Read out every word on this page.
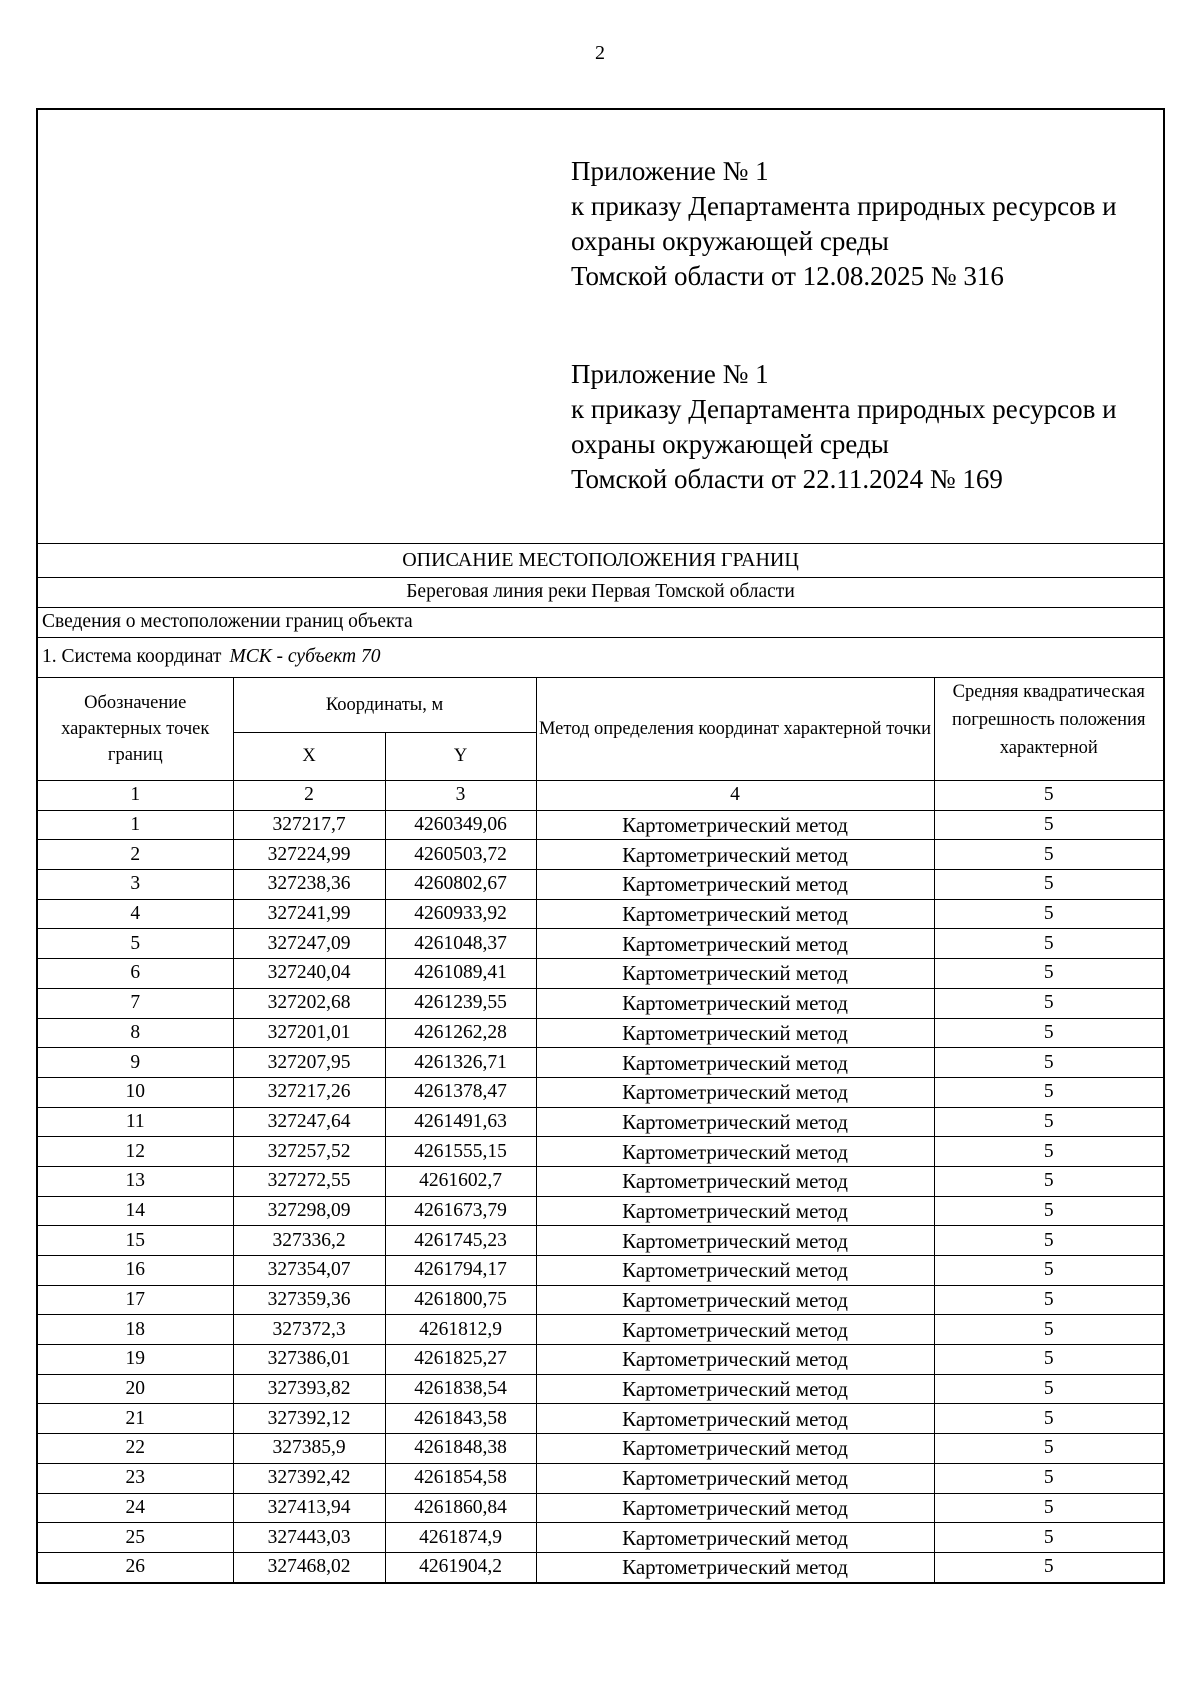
2
Приложение № 1
к приказу Департамента природных ресурсов и
охраны окружающей среды
Томской области от 12.08.2025 № 316
Приложение № 1
к приказу Департамента природных ресурсов и
охраны окружающей среды
Томской области от 22.11.2024 № 169
ОПИСАНИЕ МЕСТОПОЛОЖЕНИЯ ГРАНИЦ
Береговая линия реки Первая Томской области
Сведения о местоположении границ объекта
1. Система координат МСК - субъект 70
Обозначение характерных точек границ	Координаты, м		Метод определения координат характерной точки	Средняя квадратическая погрешность положения характерной

	X	Y		
1	2	3	4	5
1	327217,7	4260349,06	Картометрический метод	5
2	327224,99	4260503,72	Картометрический метод	5
3	327238,36	4260802,67	Картометрический метод	5
4	327241,99	4260933,92	Картометрический метод	5
5	327247,09	4261048,37	Картометрический метод	5
6	327240,04	4261089,41	Картометрический метод	5
7	327202,68	4261239,55	Картометрический метод	5
8	327201,01	4261262,28	Картометрический метод	5
9	327207,95	4261326,71	Картометрический метод	5
10	327217,26	4261378,47	Картометрический метод	5
11	327247,64	4261491,63	Картометрический метод	5
12	327257,52	4261555,15	Картометрический метод	5
13	327272,55	4261602,7	Картометрический метод	5
14	327298,09	4261673,79	Картометрический метод	5
15	327336,2	4261745,23	Картометрический метод	5
16	327354,07	4261794,17	Картометрический метод	5
17	327359,36	4261800,75	Картометрический метод	5
18	327372,3	4261812,9	Картометрический метод	5
19	327386,01	4261825,27	Картометрический метод	5
20	327393,82	4261838,54	Картометрический метод	5
21	327392,12	4261843,58	Картометрический метод	5
22	327385,9	4261848,38	Картометрический метод	5
23	327392,42	4261854,58	Картометрический метод	5
24	327413,94	4261860,84	Картометрический метод	5
25	327443,03	4261874,9	Картометрический метод	5
26	327468,02	4261904,2	Картометрический метод	5
